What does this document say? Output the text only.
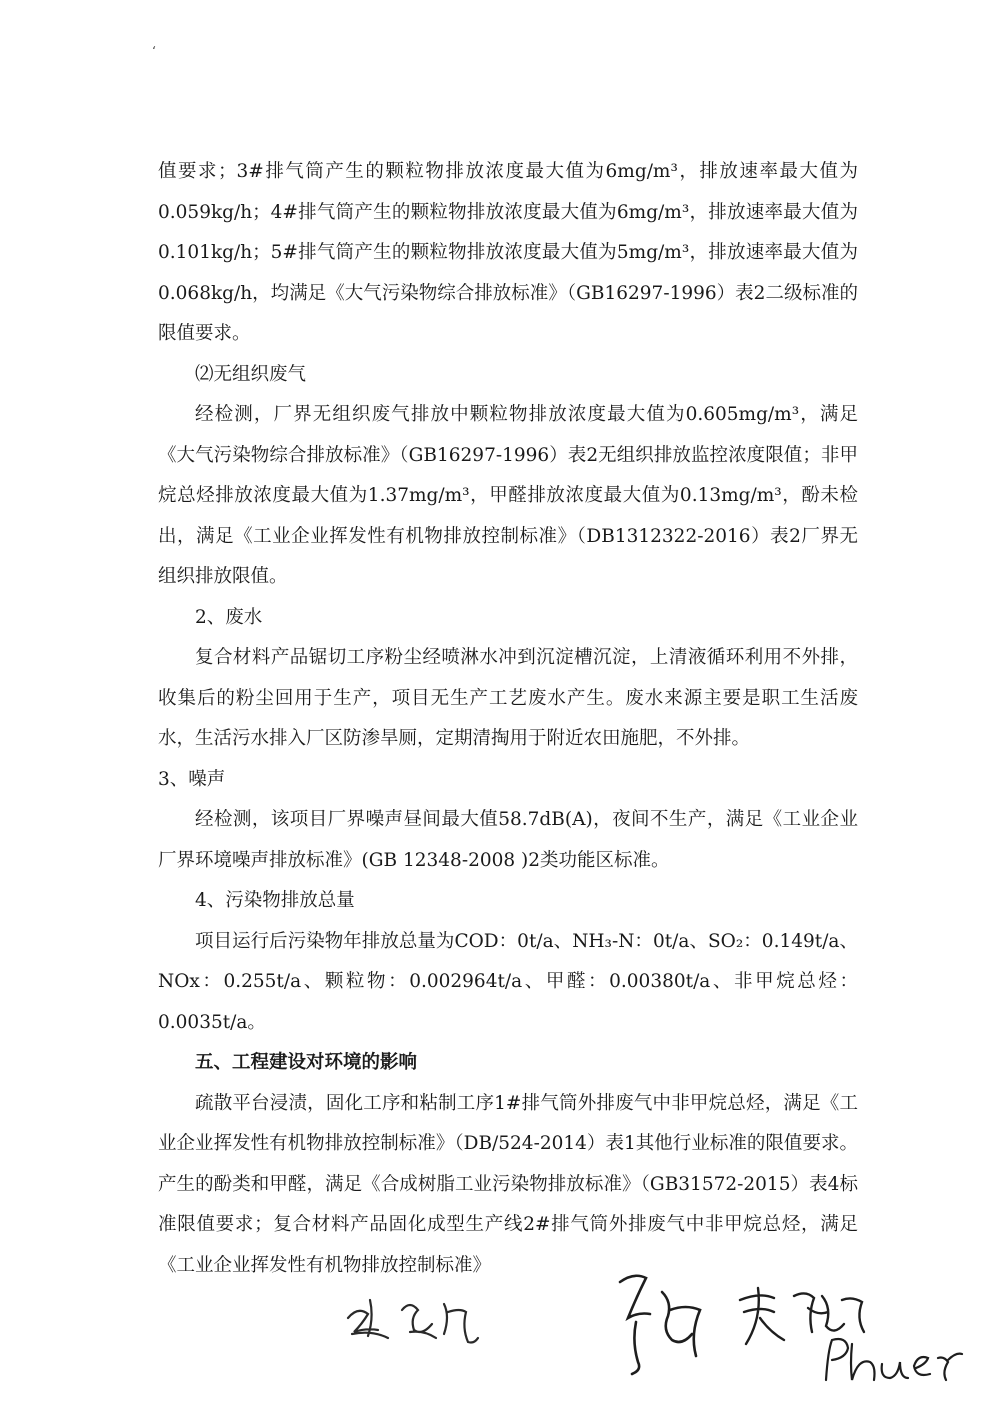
‘

值要求；3#排气筒产生的颗粒物排放浓度最大值为6mg/m³，排放速率最大值为0.059kg/h；4#排气筒产生的颗粒物排放浓度最大值为6mg/m³，排放速率最大值为0.101kg/h；5#排气筒产生的颗粒物排放浓度最大值为5mg/m³，排放速率最大值为0.068kg/h，均满足《大气污染物综合排放标准》（GB16297-1996）表2二级标准的限值要求。

⑵无组织废气

经检测，厂界无组织废气排放中颗粒物排放浓度最大值为0.605mg/m³，满足《大气污染物综合排放标准》（GB16297-1996）表2无组织排放监控浓度限值；非甲烷总烃排放浓度最大值为1.37mg/m³，甲醛排放浓度最大值为0.13mg/m³，酚未检出，满足《工业企业挥发性有机物排放控制标准》（DB1312322-2016）表2厂界无组织排放限值。

2、废水

复合材料产品锯切工序粉尘经喷淋水冲到沉淀槽沉淀，上清液循环利用不外排，收集后的粉尘回用于生产，项目无生产工艺废水产生。废水来源主要是职工生活废水，生活污水排入厂区防渗旱厕，定期清掏用于附近农田施肥，不外排。

3、噪声

经检测，该项目厂界噪声昼间最大值58.7dB(A)，夜间不生产，满足《工业企业厂界环境噪声排放标准》(GB 12348-2008 )2类功能区标准。

4、污染物排放总量

项目运行后污染物年排放总量为COD：0t/a、NH₃-N：0t/a、SO₂：0.149t/a、NOx：0.255t/a、颗粒物：0.002964t/a、甲醛：0.00380t/a、非甲烷总烃：0.0035t/a。

五、工程建设对环境的影响

疏散平台浸渍，固化工序和粘制工序1#排气筒外排废气中非甲烷总烃，满足《工业企业挥发性有机物排放控制标准》（DB/524-2014）表1其他行业标准的限值要求。产生的酚类和甲醛，满足《合成树脂工业污染物排放标准》（GB31572-2015）表4标准限值要求；复合材料产品固化成型生产线2#排气筒外排废气中非甲烷总烃，满足《工业企业挥发性有机物排放控制标准》
